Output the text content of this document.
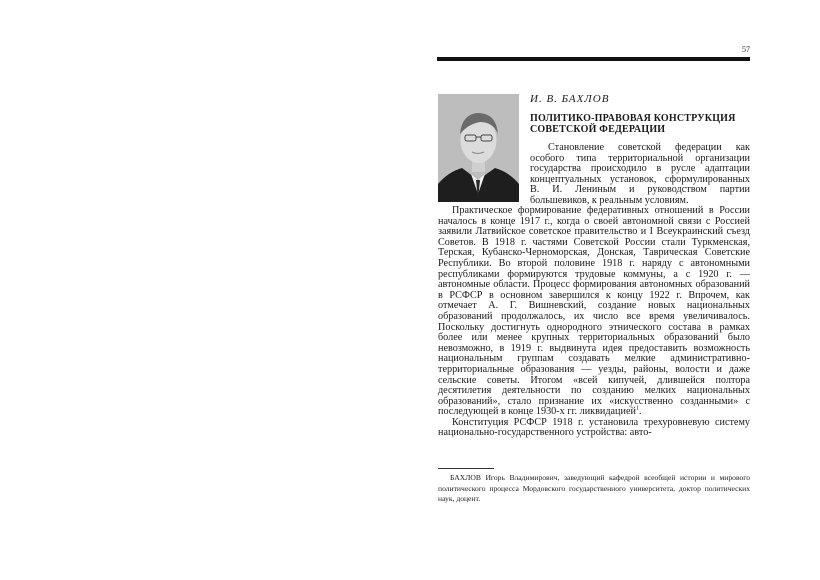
57
И. В. БАХЛОВ
ПОЛИТИКО-ПРАВОВАЯ КОНСТРУКЦИЯ СОВЕТСКОЙ ФЕДЕРАЦИИ

Становление советской федерации как особого типа территориальной организации государства происходило в русле адаптации концептуальных установок, сформулированных В. И. Лениным и руководством партии большевиков, к реальным условиям.

Практическое формирование федеративных отношений в России началось в конце 1917 г., когда о своей автономной связи с Россией заявили Латвийское советское правительство и I Всеукраинский съезд Советов. В 1918 г. частями Советской России стали Туркменская, Терская, Кубанско-Черноморская, Донская, Таврическая Советские Республики. Во второй половине 1918 г. наряду с автономными республиками формируются трудовые коммуны, а с 1920 г. — автономные области. Процесс формирования автономных образований в РСФСР в основном завершился к концу 1922 г. Впрочем, как отмечает А. Г. Вишневский, создание новых национальных образований продолжалось, их число все время увеличивалось. Поскольку достигнуть однородного этнического состава в рамках более или менее крупных территориальных образований было невозможно, в 1919 г. выдвинута идея предоставить возможность национальным группам создавать мелкие административно-территориальные образования — уезды, районы, волости и даже сельские советы. Итогом «всей кипучей, длившейся полтора десятилетия деятельности по созданию мелких национальных образований», стало признание их «искусственно созданными» с последующей в конце 1930-х гг. ликвидацией$^1$.

Конституция РСФСР 1918 г. установила трехуровневую систему национально-государственного устройства: авто-

БАХЛОВ Игорь Владимирович, заведующий кафедрой всеобщей истории и мирового политического процесса Мордовского государственного университета, доктор политических наук, доцент.
